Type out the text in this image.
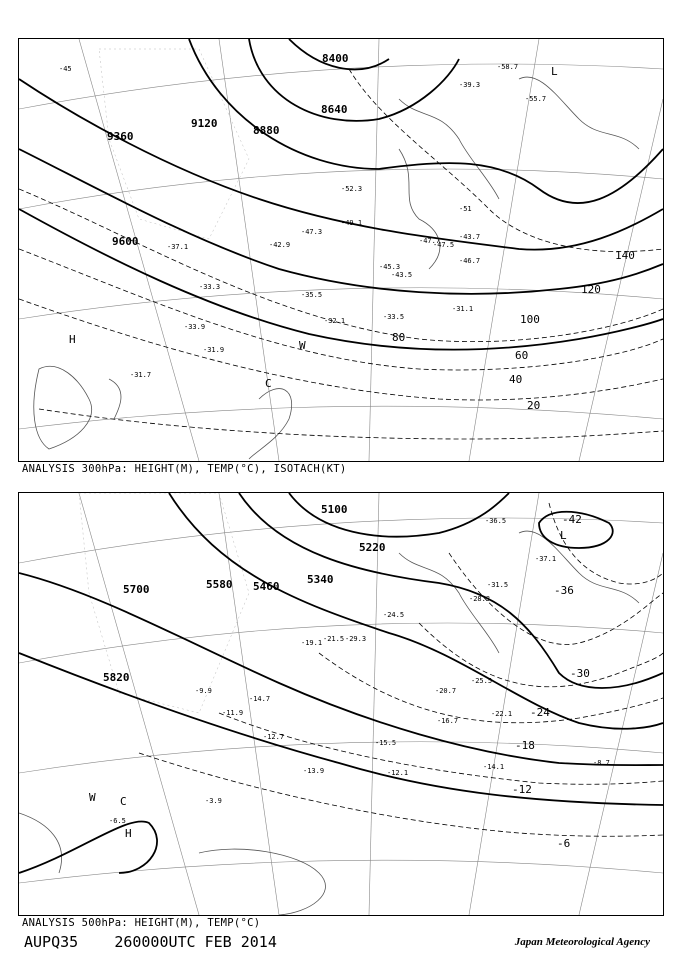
8400
8640
8880
9120
9360
9600
20
40
60
80
100
120
140
H
L
W
C
-45
-51
-52.3
-49.1
-47.3
-45.3
-42.9
-43.5
-47.5
-35.5
-33.5
-32.1
-31.1
-33.9
-31.9
-31.7
-37.1
-33.3
-55.7
-58.7
-39.3
-47.7	-43.7
-46.7
ANALYSIS 300hPa: HEIGHT(M), TEMP(°C), ISOTACH(KT)
5100
5220
5340
5460
5580
5700
5820
-42
-36
-30
-24
-18
-12
-6
H
L
W C
-31.5
-29.3
-24.5
-21.5
-19.1
-15.5
-14.1
-12.1
-13.9
-12.7
-8.7
-6.5
-3.9
-36.5
-37.1
-28.3
-25.5
-20.7
-16.7
-22.1
-9.9
-11.9
-14.7
ANALYSIS 500hPa: HEIGHT(M), TEMP(°C)
AUPQ35 260000UTC FEB 2014	Japan Meteorological Agency
